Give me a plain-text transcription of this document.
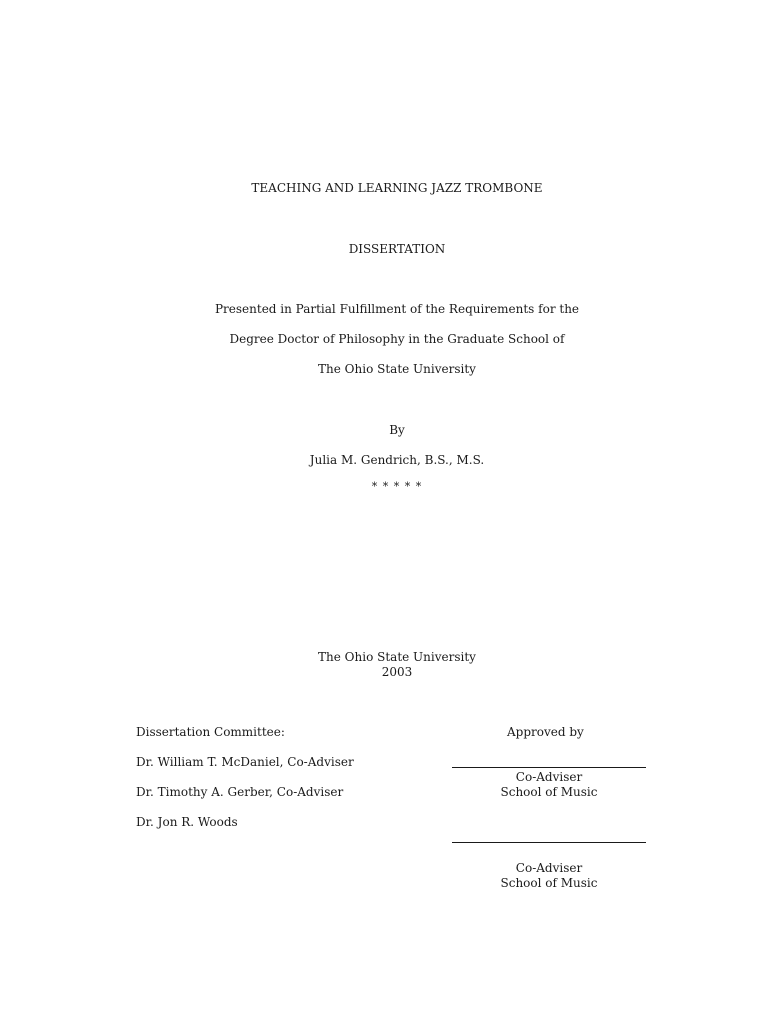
TEACHING AND LEARNING JAZZ TROMBONE
DISSERTATION
Presented in Partial Fulfillment of the Requirements for the
Degree Doctor of Philosophy in the Graduate School of
The Ohio State University
By
Julia M. Gendrich, B.S., M.S.
* * * * *
The Ohio State University
2003
Dissertation Committee:
Dr. William T. McDaniel, Co-Adviser
Dr. Timothy A. Gerber, Co-Adviser
Dr. Jon R. Woods
Approved by
Co-Adviser
School of Music
Co-Adviser
School of Music
